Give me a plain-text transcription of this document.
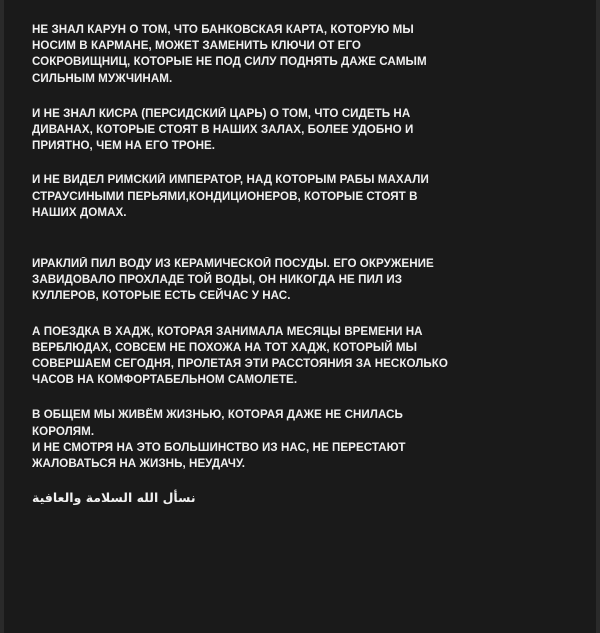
НЕ ЗНАЛ КАРУН О ТОМ, ЧТО БАНКОВСКАЯ КАРТА, КОТОРУЮ МЫ
НОСИМ В КАРМАНЕ, МОЖЕТ ЗАМЕНИТЬ КЛЮЧИ ОТ ЕГО
СОКРОВИЩНИЦ, КОТОРЫЕ НЕ ПОД СИЛУ ПОДНЯТЬ ДАЖЕ САМЫМ
СИЛЬНЫМ МУЖЧИНАМ.

И НЕ ЗНАЛ КИСРА (ПЕРСИДСКИЙ ЦАРЬ) О ТОМ, ЧТО СИДЕТЬ НА
ДИВАНАХ, КОТОРЫЕ СТОЯТ В НАШИХ ЗАЛАХ, БОЛЕЕ УДОБНО И
ПРИЯТНО, ЧЕМ НА ЕГО ТРОНЕ.

И НЕ ВИДЕЛ РИМСКИЙ ИМПЕРАТОР, НАД КОТОРЫМ РАБЫ МАХАЛИ
СТРАУСИНЫМИ ПЕРЬЯМИ,КОНДИЦИОНЕРОВ, КОТОРЫЕ СТОЯТ В
НАШИХ ДОМАХ.

ИРАКЛИЙ ПИЛ ВОДУ ИЗ КЕРАМИЧЕСКОЙ ПОСУДЫ. ЕГО ОКРУЖЕНИЕ
ЗАВИДОВАЛО ПРОХЛАДЕ ТОЙ ВОДЫ, ОН НИКОГДА НЕ ПИЛ ИЗ
КУЛЛЕРОВ, КОТОРЫЕ ЕСТЬ СЕЙЧАС У НАС.

А ПОЕЗДКА В ХАДЖ, КОТОРАЯ ЗАНИМАЛА МЕСЯЦЫ ВРЕМЕНИ НА
ВЕРБЛЮДАХ, СОВСЕМ НЕ ПОХОЖА НА ТОТ ХАДЖ, КОТОРЫЙ МЫ
СОВЕРШАЕМ СЕГОДНЯ, ПРОЛЕТАЯ ЭТИ РАССТОЯНИЯ ЗА НЕСКОЛЬКО
ЧАСОВ НА КОМФОРТАБЕЛЬНОМ САМОЛЕТЕ.

В ОБЩЕМ МЫ ЖИВЁМ ЖИЗНЬЮ, КОТОРАЯ ДАЖЕ НЕ СНИЛАСЬ
КОРОЛЯМ.
И НЕ СМОТРЯ НА ЭТО БОЛЬШИНСТВО ИЗ НАС, НЕ ПЕРЕСТАЮТ
ЖАЛОВАТЬСЯ НА ЖИЗНЬ, НЕУДАЧУ.

نسأل الله السلامة والعافية
